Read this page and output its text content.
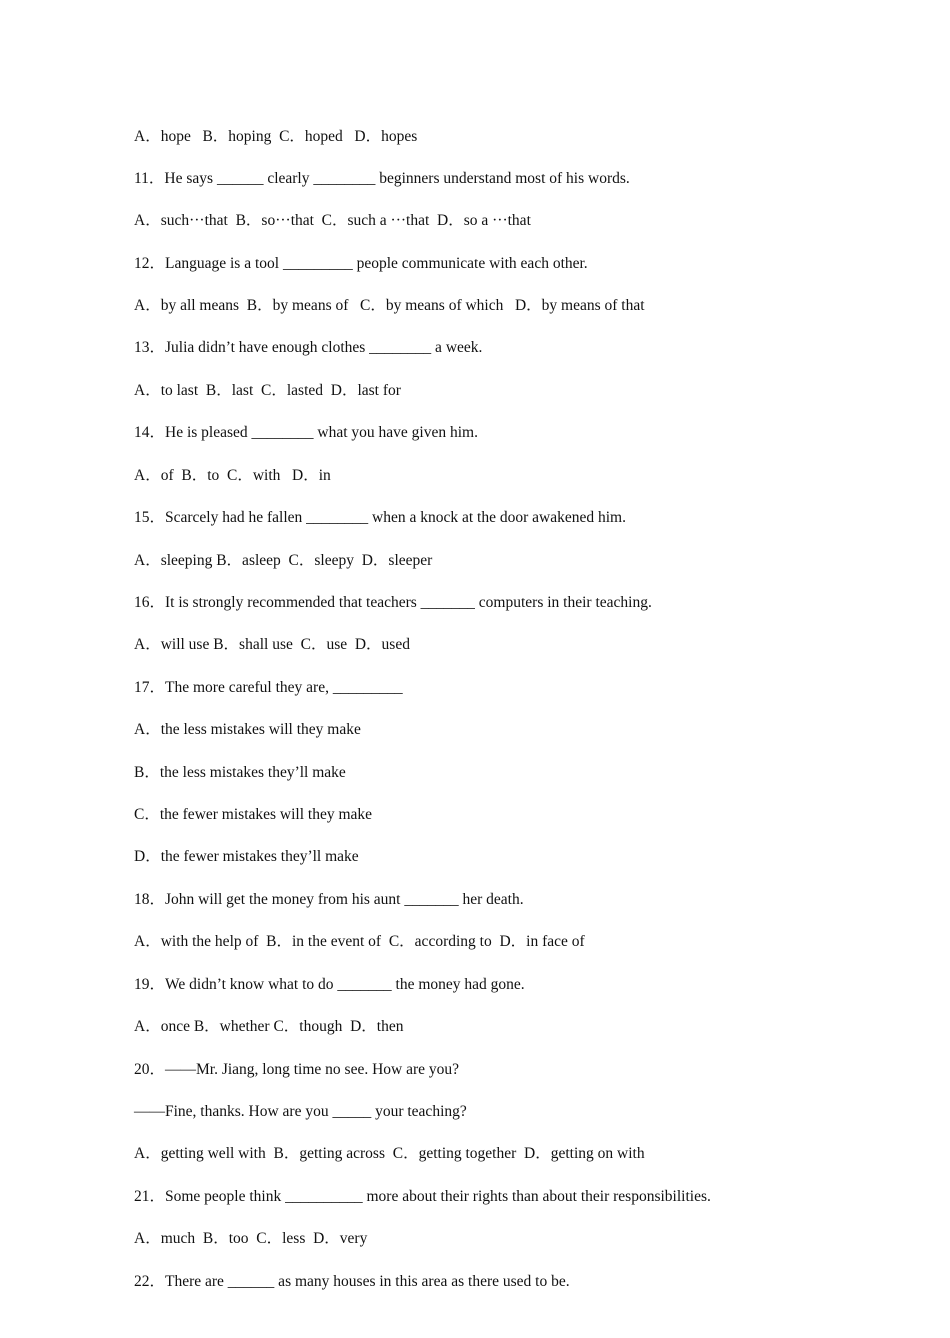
A．hope   B．hoping  C．hoped   D．hopes
11．He says ______ clearly ________ beginners understand most of his words.
A．such···that  B．so···that  C．such a ···that  D．so a ···that
12．Language is a tool _________ people communicate with each other.
A．by all means  B．by means of   C．by means of which   D．by means of that
13．Julia didn’t have enough clothes ________ a week.
A．to last  B．last  C．lasted  D．last for
14．He is pleased ________ what you have given him.
A．of  B．to  C．with   D．in
15．Scarcely had he fallen ________ when a knock at the door awakened him.
A．sleeping B．asleep  C．sleepy  D．sleeper
16．It is strongly recommended that teachers _______ computers in their teaching.
A．will use B．shall use  C．use  D．used
17．The more careful they are, _________
A．the less mistakes will they make
B．the less mistakes they’ll make
C．the fewer mistakes will they make
D．the fewer mistakes they’ll make
18．John will get the money from his aunt _______ her death.
A．with the help of  B．in the event of  C．according to  D．in face of
19．We didn’t know what to do _______ the money had gone.
A．once B．whether C．though  D．then
20．——Mr. Jiang, long time no see. How are you?
——Fine, thanks. How are you _____ your teaching?
A．getting well with  B．getting across  C．getting together  D．getting on with
21．Some people think __________ more about their rights than about their responsibilities.
A．much  B．too  C．less  D．very
22．There are ______ as many houses in this area as there used to be.
